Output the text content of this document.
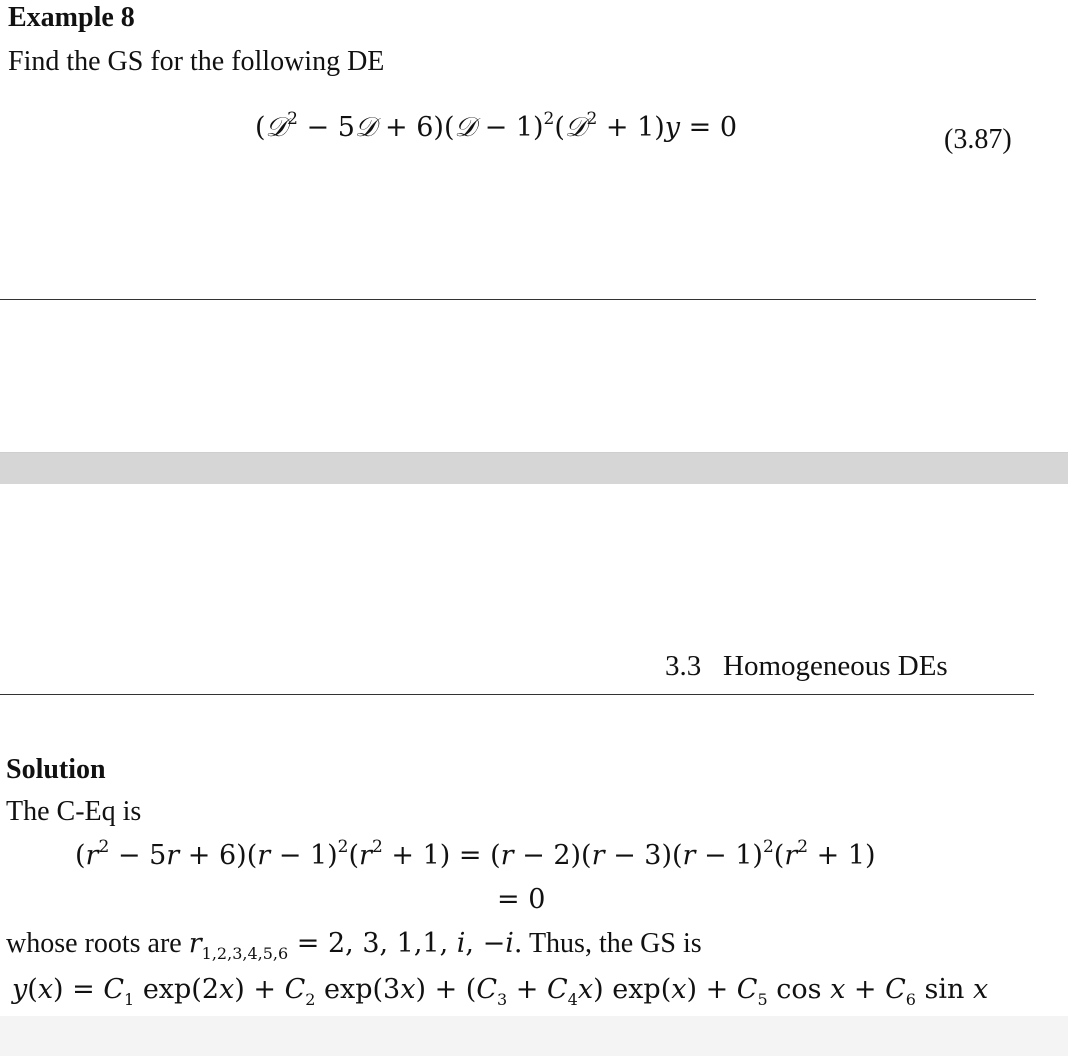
Example 8
Find the GS for the following DE
(𝒟$^2$ − 5𝒟 + 6)(𝒟 − 1)$^2$(𝒟$^2$ + 1)y = 0	(3.87)
3.3 Homogeneous DEs
Solution
The C-Eq is
$(r^2 - 5r + 6)(r - 1)^2(r^2 + 1) = (r - 2)(r - 3)(r - 1)^2(r^2 + 1)$
= 0
whose roots are $r_{1,2,3,4,5,6} = 2$, 3, 1,1, i, −i. Thus, the GS is
$y(x) = C_1$ $\exp(2x) + C_2$ $\exp(3x) + (C_3 + C_4x) \exp(x) + C_5$ $\cos x + C_6$ sin x
